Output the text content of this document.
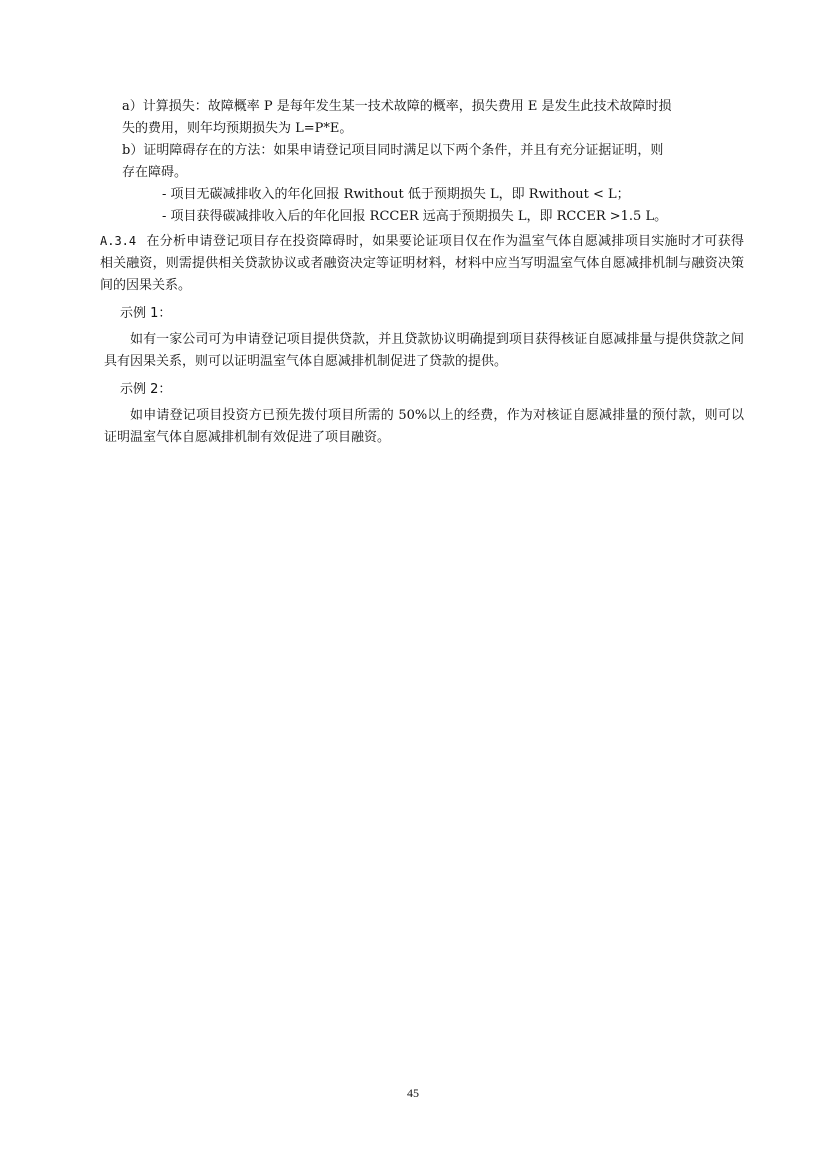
a）计算损失：故障概率 P 是每年发生某一技术故障的概率，损失费用 E 是发生此技术故障时损

失的费用，则年均预期损失为 L=P*E。

b）证明障碍存在的方法：如果申请登记项目同时满足以下两个条件，并且有充分证据证明，则

存在障碍。

- 项目无碳减排收入的年化回报 Rwithout 低于预期损失 L，即 Rwithout < L；

- 项目获得碳减排收入后的年化回报 RCCER 远高于预期损失 L，即 RCCER >1.5 L。

A.3.4 在分析申请登记项目存在投资障碍时，如果要论证项目仅在作为温室气体自愿减排项目实施时才可获得相关融资，则需提供相关贷款协议或者融资决定等证明材料，材料中应当写明温室气体自愿减排机制与融资决策间的因果关系。

示例 1：

如有一家公司可为申请登记项目提供贷款，并且贷款协议明确提到项目获得核证自愿减排量与提供贷款之间具有因果关系，则可以证明温室气体自愿减排机制促进了贷款的提供。

示例 2：

如申请登记项目投资方已预先拨付项目所需的 50%以上的经费，作为对核证自愿减排量的预付款，则可以证明温室气体自愿减排机制有效促进了项目融资。

45
